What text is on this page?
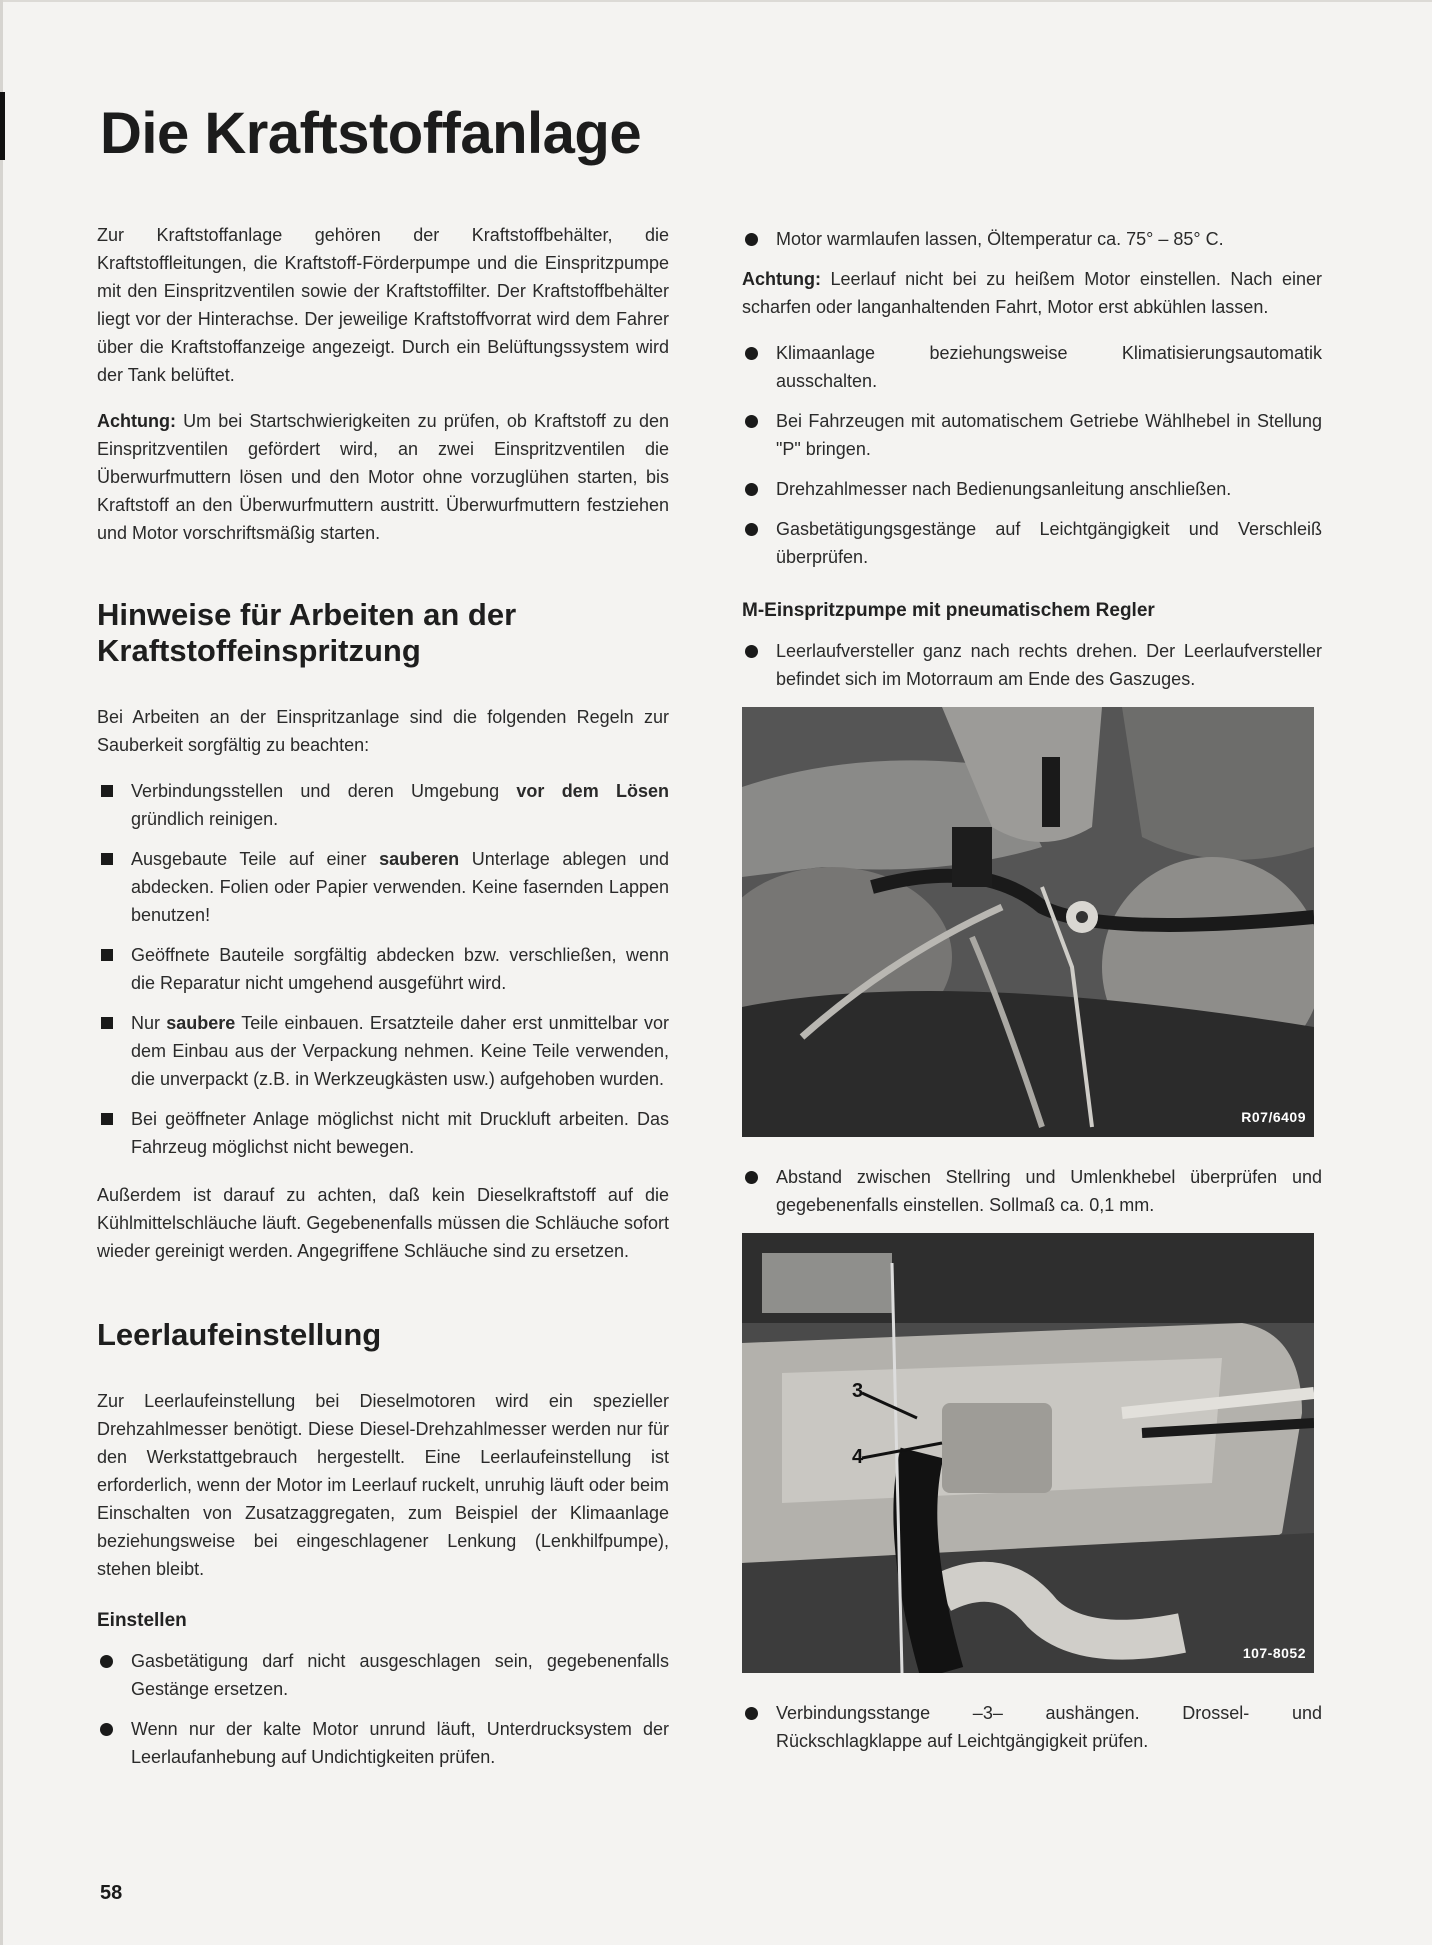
Die Kraftstoffanlage

Zur Kraftstoffanlage gehören der Kraftstoffbehälter, die Kraftstoffleitungen, die Kraftstoff-Förderpumpe und die Einspritzpumpe mit den Einspritzventilen sowie der Kraftstoffilter. Der Kraftstoffbehälter liegt vor der Hinterachse. Der jeweilige Kraftstoffvorrat wird dem Fahrer über die Kraftstoffanzeige angezeigt. Durch ein Belüftungssystem wird der Tank belüftet.

Achtung: Um bei Startschwierigkeiten zu prüfen, ob Kraftstoff zu den Einspritzventilen gefördert wird, an zwei Einspritzventilen die Überwurfmuttern lösen und den Motor ohne vorzuglühen starten, bis Kraftstoff an den Überwurfmuttern austritt. Überwurfmuttern festziehen und Motor vorschriftsmäßig starten.

Hinweise für Arbeiten an der Kraftstoffeinspritzung

Bei Arbeiten an der Einspritzanlage sind die folgenden Regeln zur Sauberkeit sorgfältig zu beachten:

Verbindungsstellen und deren Umgebung vor dem Lösen gründlich reinigen.
Ausgebaute Teile auf einer sauberen Unterlage ablegen und abdecken. Folien oder Papier verwenden. Keine fasernden Lappen benutzen!
Geöffnete Bauteile sorgfältig abdecken bzw. verschließen, wenn die Reparatur nicht umgehend ausgeführt wird.
Nur saubere Teile einbauen. Ersatzteile daher erst unmittelbar vor dem Einbau aus der Verpackung nehmen. Keine Teile verwenden, die unverpackt (z.B. in Werkzeugkästen usw.) aufgehoben wurden.
Bei geöffneter Anlage möglichst nicht mit Druckluft arbeiten. Das Fahrzeug möglichst nicht bewegen.

Außerdem ist darauf zu achten, daß kein Dieselkraftstoff auf die Kühlmittelschläuche läuft. Gegebenenfalls müssen die Schläuche sofort wieder gereinigt werden. Angegriffene Schläuche sind zu ersetzen.

Leerlaufeinstellung

Zur Leerlaufeinstellung bei Dieselmotoren wird ein spezieller Drehzahlmesser benötigt. Diese Diesel-Drehzahlmesser werden nur für den Werkstattgebrauch hergestellt. Eine Leerlaufeinstellung ist erforderlich, wenn der Motor im Leerlauf ruckelt, unruhig läuft oder beim Einschalten von Zusatzaggregaten, zum Beispiel der Klimaanlage beziehungsweise bei eingeschlagener Lenkung (Lenkhilfpumpe), stehen bleibt.

Einstellen
Gasbetätigung darf nicht ausgeschlagen sein, gegebenenfalls Gestänge ersetzen.
Wenn nur der kalte Motor unrund läuft, Unterdrucksystem der Leerlaufanhebung auf Undichtigkeiten prüfen.
Motor warmlaufen lassen, Öltemperatur ca. 75° – 85° C.

Achtung: Leerlauf nicht bei zu heißem Motor einstellen. Nach einer scharfen oder langanhaltenden Fahrt, Motor erst abkühlen lassen.

Klimaanlage beziehungsweise Klimatisierungsautomatik ausschalten.
Bei Fahrzeugen mit automatischem Getriebe Wählhebel in Stellung "P" bringen.
Drehzahlmesser nach Bedienungsanleitung anschließen.
Gasbetätigungsgestänge auf Leichtgängigkeit und Verschleiß überprüfen.
M-Einspritzpumpe mit pneumatischem Regler
Leerlaufversteller ganz nach rechts drehen. Der Leerlaufversteller befindet sich im Motorraum am Ende des Gaszuges.
R07/6409
Abstand zwischen Stellring und Umlenkhebel überprüfen und gegebenenfalls einstellen. Sollmaß ca. 0,1 mm.
3
4
107-8052
Verbindungsstange –3– aushängen. Drossel- und Rückschlagklappe auf Leichtgängigkeit prüfen.
58
